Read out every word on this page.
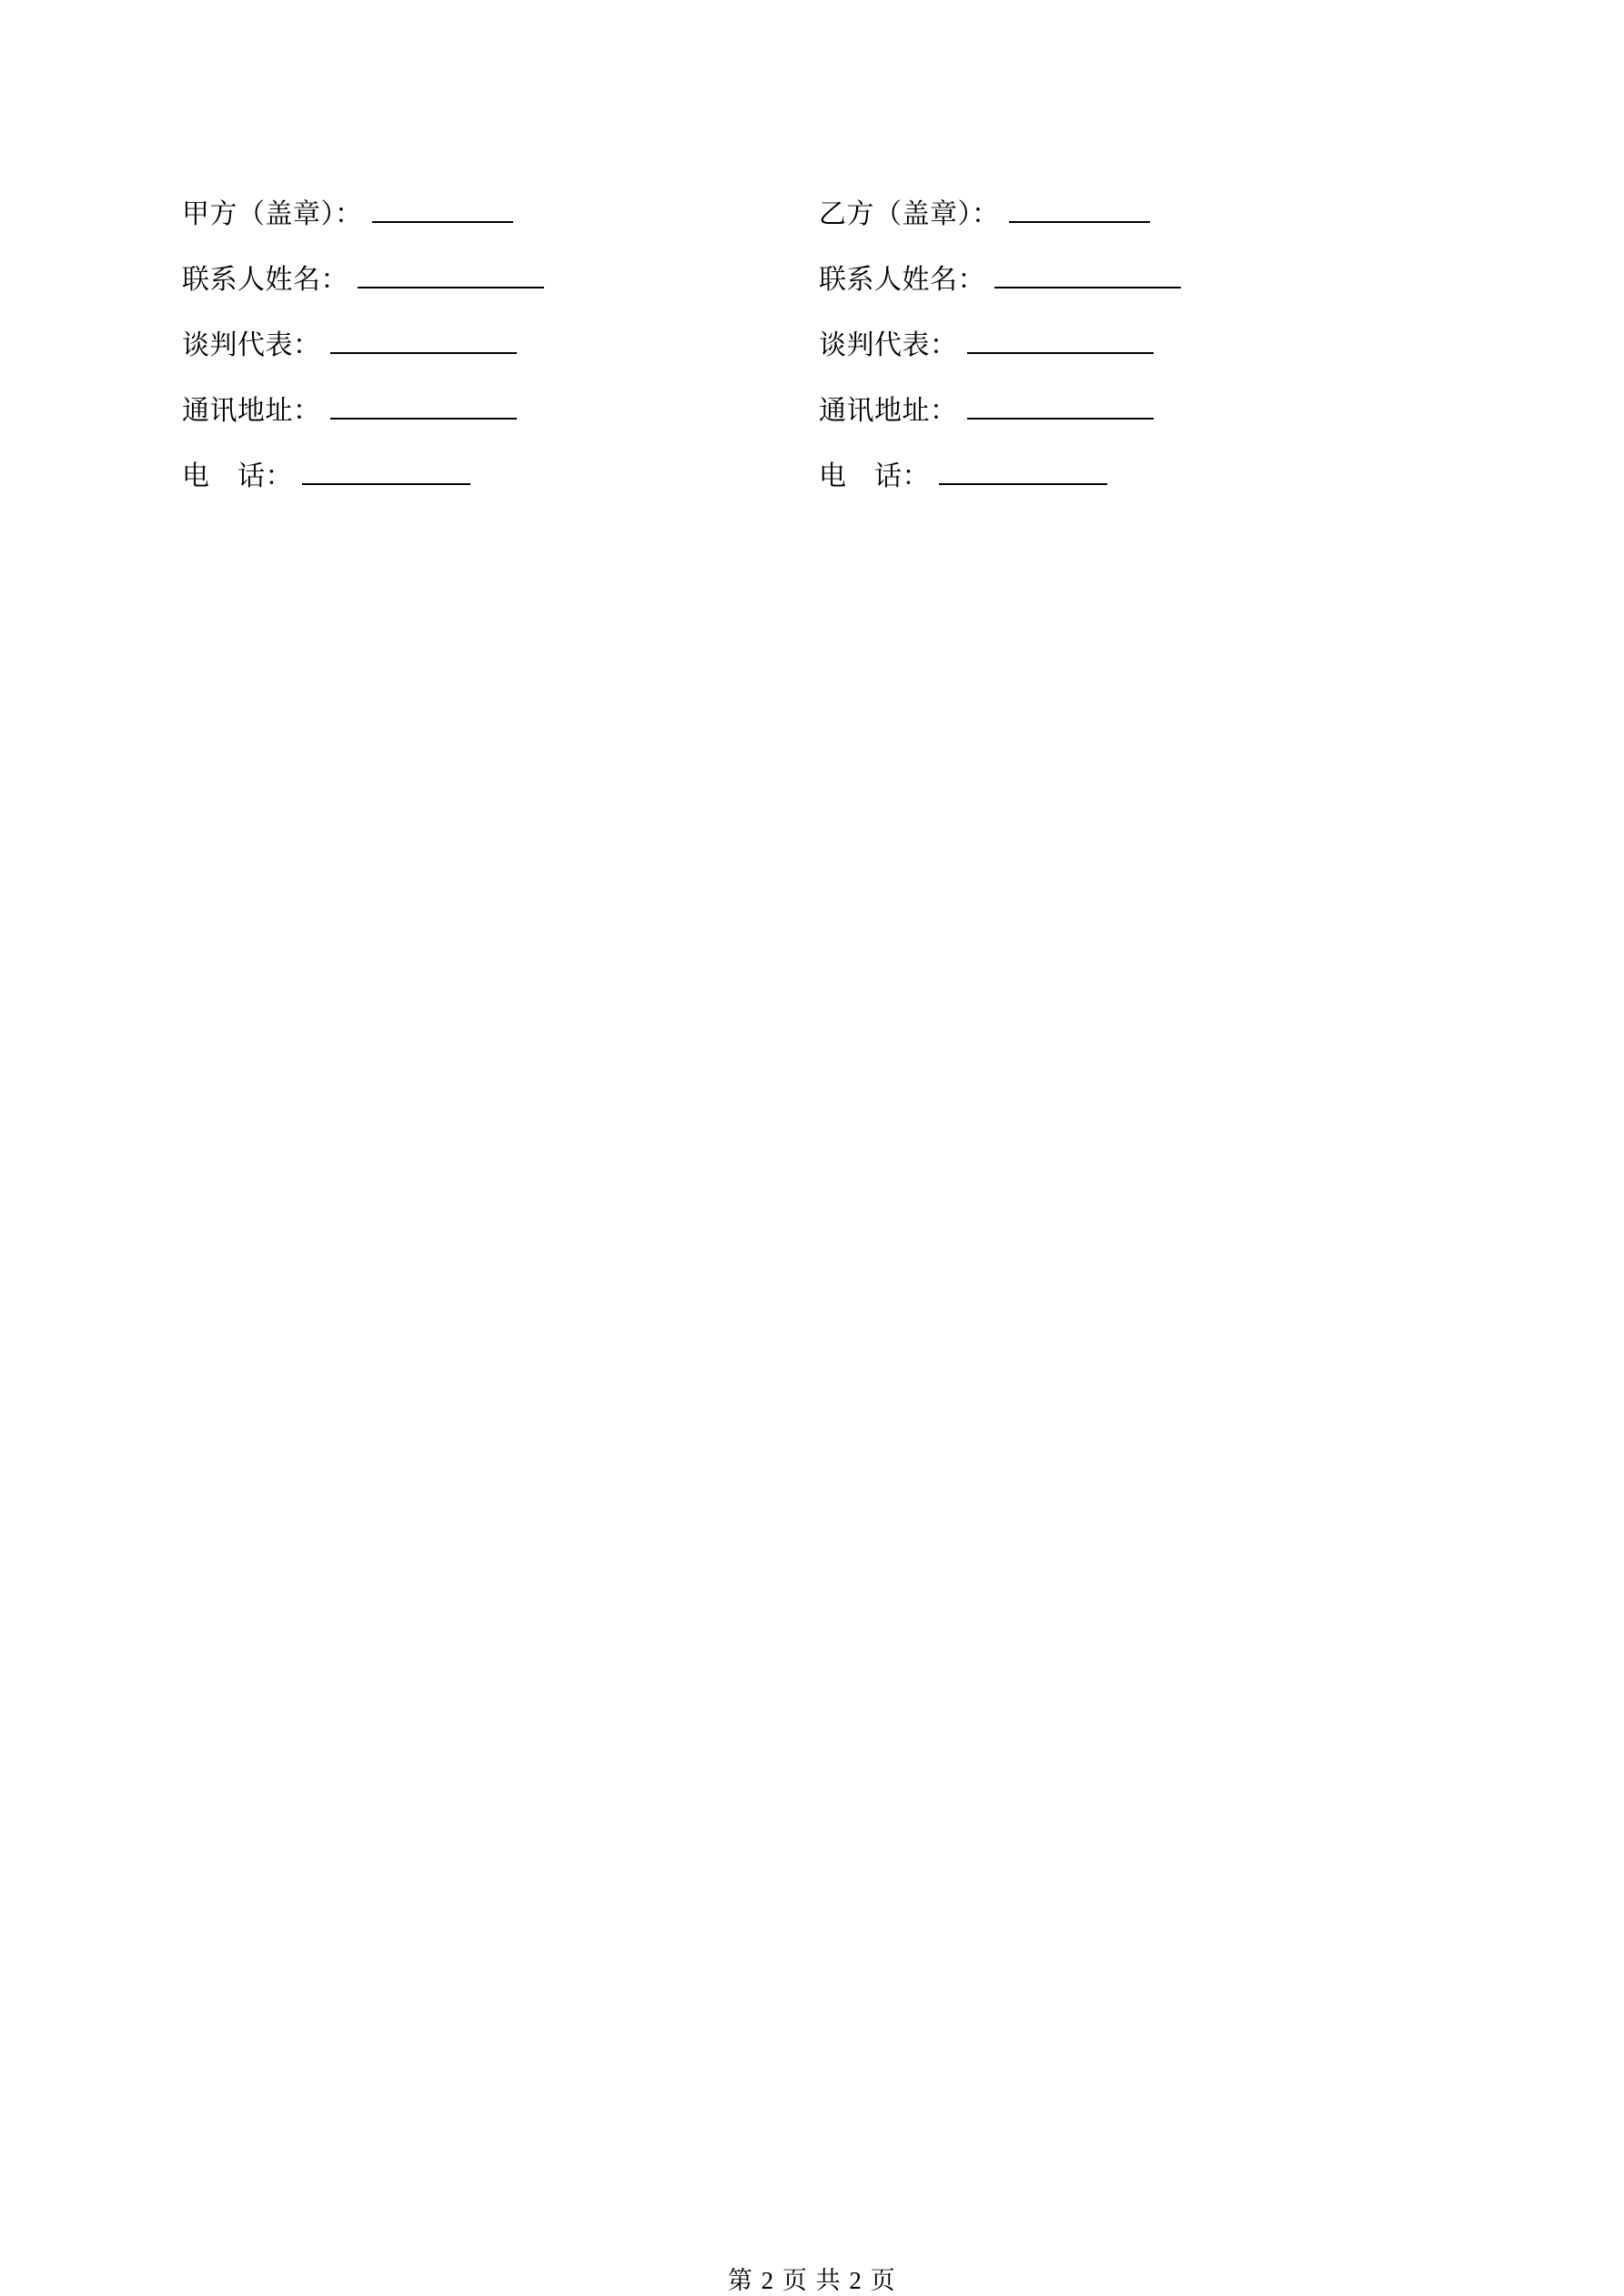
甲方（盖章）：
联系人姓名：
谈判代表：
通讯地址：
电　话：
乙方（盖章）：
联系人姓名：
谈判代表：
通讯地址：
电　话：
第 2 页 共 2 页
